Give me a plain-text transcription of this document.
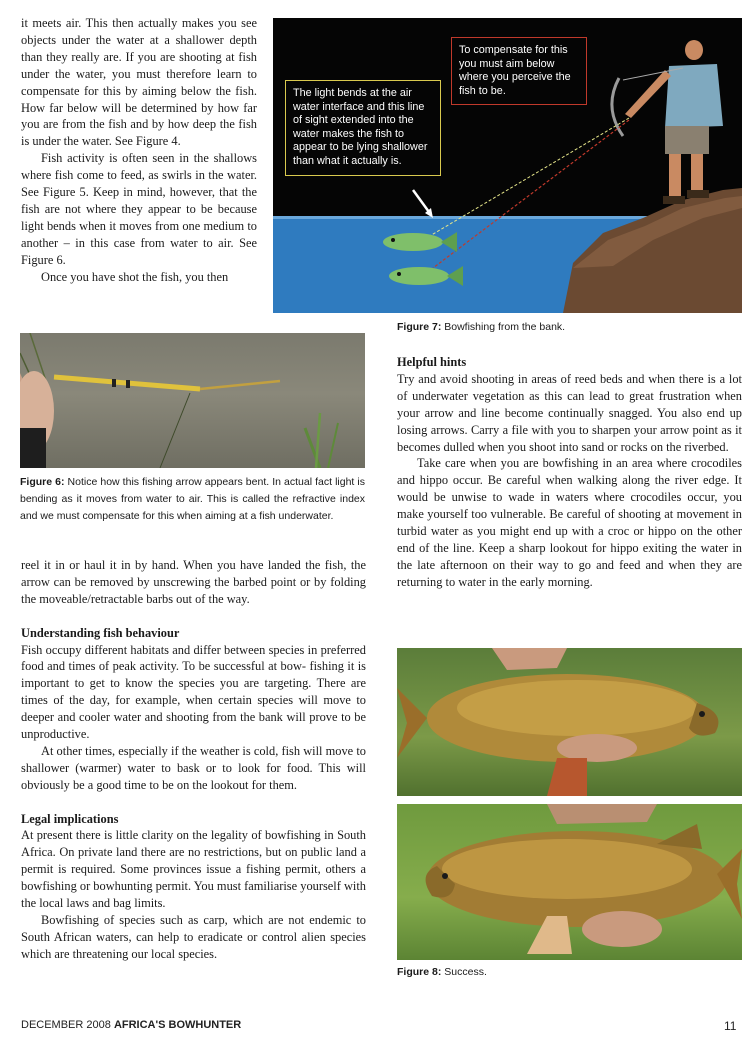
it meets air. This then actually makes you see objects under the water at a shallower depth than they really are. If you are shooting at fish under the water, you must therefore learn to compensate for this by aiming below the fish. How far below will be determined by how far you are from the fish and by how deep the fish is under the water. See Figure 4.

Fish activity is often seen in the shallows where fish come to feed, as swirls in the water. See Figure 5. Keep in mind, however, that the fish are not where they appear to be because light bends when it moves from one medium to another – in this case from water to air. See Figure 6.

Once you have shot the fish, you then

To compensate for this you must aim below where you perceive the fish to be.
The light bends at the air water interface and this line of sight extended into the water makes the fish to appear to be lying shallower than what it actually is.
Figure 7: Bowfishing from the bank.
Figure 6: Notice how this fishing arrow appears bent. In actual fact light is bending as it moves from water to air. This is called the refractive index and we must compensate for this when aiming at a fish underwater.

reel it in or haul it in by hand. When you have landed the fish, the arrow can be removed by unscrewing the barbed point or by folding the moveable/retractable barbs out of the way.

Understanding fish behaviour

Fish occupy different habitats and differ between species in preferred food and times of peak activity. To be successful at bow- fishing it is important to get to know the species you are targeting. There are times of the day, for example, when certain species will move to deeper and cooler water and shooting from the bank will prove to be unproductive.

At other times, especially if the weather is cold, fish will move to shallower (warmer) water to bask or to look for food. This will obviously be a good time to be on the lookout for them.

Legal implications

At present there is little clarity on the legality of bowfishing in South Africa. On private land there are no restrictions, but on public land a permit is required. Some provinces issue a fishing permit, others a bowfishing or bowhunting permit. You must familiarise yourself with the local laws and bag limits.

Bowfishing of species such as carp, which are not endemic to South African waters, can help to eradicate or control alien species which are threatening our local species.

Helpful hints

Try and avoid shooting in areas of reed beds and when there is a lot of underwater vegetation as this can lead to great frustration when your arrow and line become continually snagged. You also end up losing arrows. Carry a file with you to sharpen your arrow point as it becomes dulled when you shoot into sand or rocks on the riverbed.

Take care when you are bowfishing in an area where crocodiles and hippo occur. Be careful when walking along the river edge. It would be unwise to wade in waters where crocodiles occur, you make yourself too vulnerable. Be careful of shooting at movement in turbid water as you might end up with a croc or hippo on the other end of the line. Keep a sharp lookout for hippo exiting the water in the late afternoon on their way to go and feed and when they are returning to water in the early morning.

Figure 8: Success.
DECEMBER 2008 AFRICA'S BOWHUNTER	11
